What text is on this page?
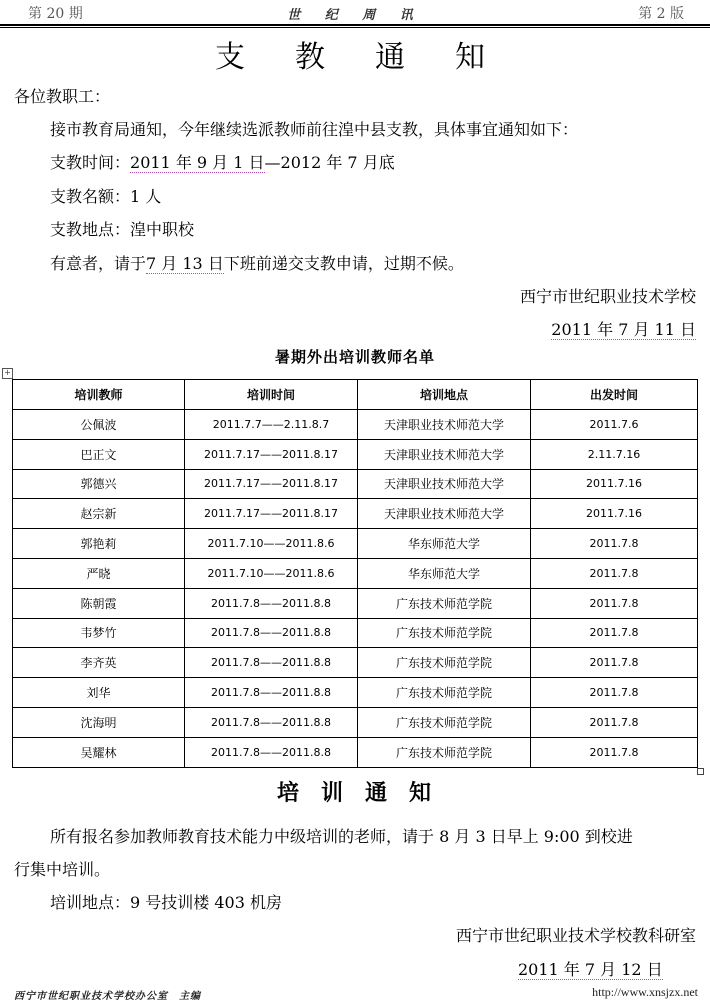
第 20 期	世 纪 周 讯	第 2 版
支教通知
各位教职工：
接市教育局通知，今年继续选派教师前往湟中县支教，具体事宜通知如下：
支教时间：2011 年 9 月 1 日—2012 年 7 月底
支教名额：1 人
支教地点：湟中职校
有意者，请于7 月 13 日下班前递交支教申请，过期不候。
西宁市世纪职业技术学校
2011 年 7 月 11 日
暑期外出培训教师名单
+
培训教师	培训时间	培训地点	出发时间
公佩波	2011.7.7——2.11.8.7	天津职业技术师范大学	2011.7.6
巴正文	2011.7.17——2011.8.17	天津职业技术师范大学	2.11.7.16
郭德兴	2011.7.17——2011.8.17	天津职业技术师范大学	2011.7.16
赵宗新	2011.7.17——2011.8.17	天津职业技术师范大学	2011.7.16
郭艳莉	2011.7.10——2011.8.6	华东师范大学	2011.7.8
严晓	2011.7.10——2011.8.6	华东师范大学	2011.7.8
陈朝霞	2011.7.8——2011.8.8	广东技术师范学院	2011.7.8
韦梦竹	2011.7.8——2011.8.8	广东技术师范学院	2011.7.8
李齐英	2011.7.8——2011.8.8	广东技术师范学院	2011.7.8
刘华	2011.7.8——2011.8.8	广东技术师范学院	2011.7.8
沈海明	2011.7.8——2011.8.8	广东技术师范学院	2011.7.8
吴耀林	2011.7.8——2011.8.8	广东技术师范学院	2011.7.8
培训通知
所有报名参加教师教育技术能力中级培训的老师，请于 8 月 3 日早上 9:00 到校进
行集中培训。
培训地点：9 号技训楼 403 机房
西宁市世纪职业技术学校教科研室
2011 年 7 月 12 日
西宁市世纪职业技术学校办公室　主编	http://www.xnsjzx.net
